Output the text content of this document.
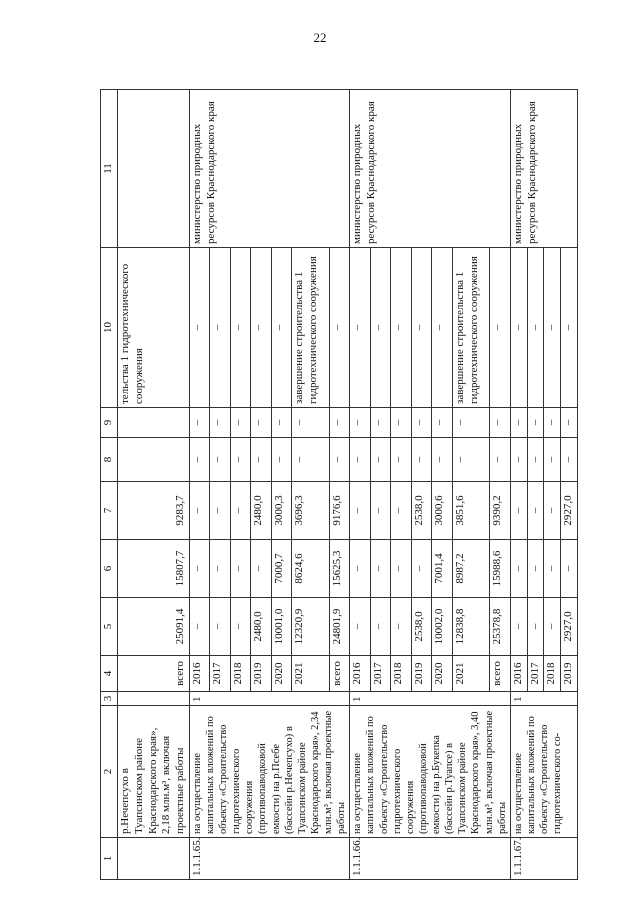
22
1	2	3	4	5	6	7	8	9	10	11
	р.Нечепсухо в Туапсинском районе Краснодарского края», 2,18 млн.м³, включая проектные работы		всего	25091,4	15807,7	9283,7			тельства 1 гидротехнического сооружения	
1.1.1.65.	на осуществление капитальных вложений по объекту «Строительство гидротехнического сооружения (противопаводковой емкости) на р.Псебе (бассейн р.Нечепсухо) в Туапсинском районе Краснодарского края», 2,34 млн.м³, включая проектные работы	1	2016	–	–	–	–	–	–	министерство природных ресурсов Краснодарского края
			2017	–	–	–	–	–	–	
			2018	–	–	–	–	–	–	
			2019	2480,0	–	2480,0	–	–	–	
			2020	10001,0	7000,7	3000,3	–	–	–	
			2021	12320,9	8624,6	3696,3	–	–	завершение строительства 1 гидротехнического сооружения	
			всего	24801,9	15625,3	9176,6	–	–	–	
1.1.1.66.	на осуществление капитальных вложений по объекту «Строительство гидротехнического сооружения (противопаводковой емкости) на р.Букепка (бассейн р.Туапсе) в Туапсинском районе Краснодарского края», 3,40 млн.м³, включая проектные работы	1	2016	–	–	–	–	–	–	министерство природных ресурсов Краснодарского края
			2017	–	–	–	–	–	–	
			2018	–	–	–	–	–	–	
			2019	2538,0	–	2538,0	–	–	–	
			2020	10002,0	7001,4	3000,6	–	–	–	
			2021	12838,8	8987,2	3851,6	–	–	завершение строительства 1 гидротехнического сооружения	
			всего	25378,8	15988,6	9390,2	–	–	–	
1.1.1.67.	на осуществление капитальных вложений по объекту «Строительство гидротехнического со-	1	2016	–	–	–	–	–	–	министерство природных ресурсов Краснодарского края
			2017	–	–	–	–	–	–	
			2018	–	–	–	–	–	–	
			2019	2927,0	–	2927,0	–	–	–	
